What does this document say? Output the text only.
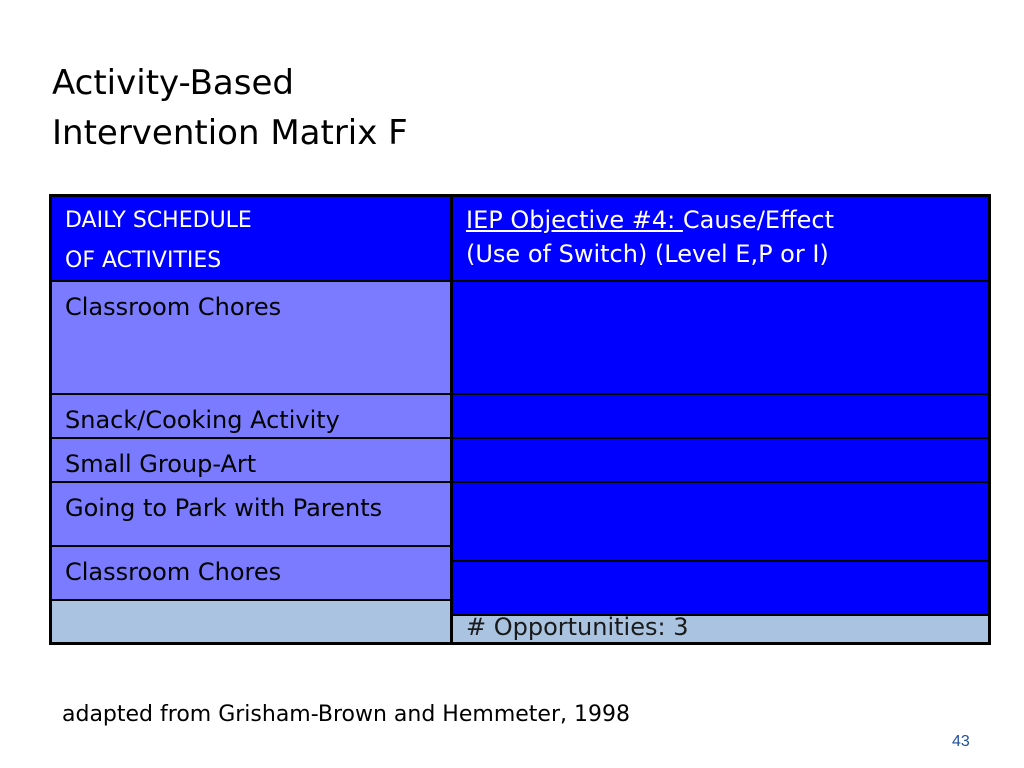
Activity-Based
Intervention Matrix F
DAILY SCHEDULE
OF ACTIVITIES
IEP Objective #4: Cause/Effect
(Use of Switch) (Level E,P or I)
Classroom Chores
Snack/Cooking Activity
Small Group-Art
Going to Park with Parents
Classroom Chores
# Opportunities: 3
adapted from Grisham-Brown and Hemmeter, 1998
43
